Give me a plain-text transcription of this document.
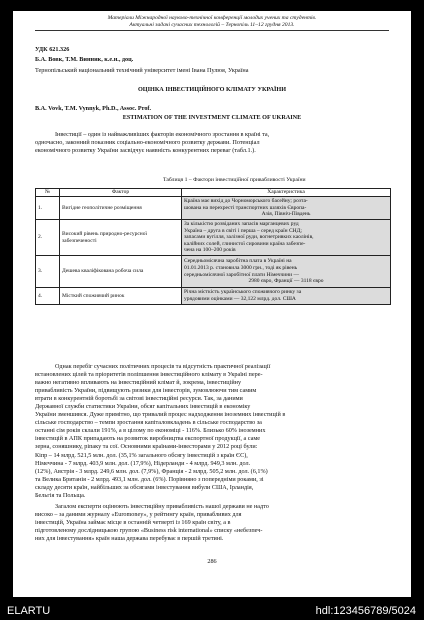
Матеріали Міжнародної науково-технічної конференції молодих учених та студентів.
Актуальні задачі сучасних технологій – Тернопіль 11–12 грудня 2013.
УДК 621.326
Б.А. Вовк, Т.М. Винник, к.е.н., доц.
Тернопільський національний технічний університет імені Івана Пулюя, Україна
ОЦІНКА ІНВЕСТИЦІЙНОГО КЛІМАТУ УКРАЇНИ
B.A. Vovk, T.M. Vynnyk, Ph.D., Assoc. Prof.
ESTIMATION OF THE INVESTMENT CLIMATE OF UKRAINE
Інвестиції – один із найважливіших факторів економічного зростання в країні та,
одночасно, законний показник соціально-економічного розвитку держави. Потенціал
економічного розвитку України засвідчує наявність конкурентних переваг (табл.1.).
Таблиця 1 – Фактори інвестиційної привабливості України
№	Фактор	Характеристика
1.	Вигідне геополітичне розміщення	Країна має вихід до Чорноморського басейну; розта-
шована на перехресті транспортних шляхів Європа-
Азія, Північ-Південь

2.	Високий рівень природно-ресурсної забезпеченості	За кількістю розвіданих запасів марганцевих руд
Україна – друга в світі і перша – серед країн СНД;
запасами вугілля, залізної руди, вогнетривких каолінів,
калійних солей, глинистої сировини країна забезпе-
чена на 100–200 років

3.	Дешева кваліфікована робоча сила	Середньомісячна заробітна плата в Україні на
01.01.2013 р. становила 3000 грн., тоді як рівень
середньомісячної заробітної плати Німеччини —
2980 євро, Франції — 3118 євро

4.	Місткий споживчий ринок	Річна місткість українського споживчого ринку за
урядовими оцінками — 32,122 млрд. дол. США
Однак перебіг сучасних політичних процесів та відсутність практичної реалізації
встановлених цілей та пріоритетів поліпшення інвестиційного клімату в Україні пере-
важно негативно впливають на інвестиційний клімат й, зокрема, інвестиційну
привабливість України, підвищують ризики для інвесторів, зумовлюючи тим самим
втрати в конкурентній боротьбі за світові інвестиційні ресурси. Так, за даними
Державної служби статистики України, обсяг капітальних інвестицій в економіку
України зменшився. Дуже примітно, що тривалий процес надходження іноземних інвестицій в
сільське господарство – темпи зростання капіталовкладень в сільське господарство за
останні сім років склали 191%, а в цілому по економіці - 116%. Близько 60% іноземних
інвестицій в АПК припадають на розвиток виробництва експортної продукції, а саме
зерна, соняшнику, ріпаку та сої. Основними країнами-інвесторами у 2012 році були:
Кіпр – 14 млрд. 521,5 млн. дол. (35,1% загального обсягу інвестицій з країн ЄС),
Німеччина - 7 млрд. 403,9 млн. дол. (17,9%), Нідерланди - 4 млрд. 949,3 млн. дол.
(12%), Австрія - 3 млрд. 249,6 млн. дол. (7,9%), Франція - 2 млрд. 505,2 млн. дол. (6,1%)
та Велика Британія - 2 млрд. 493,1 млн. дол. (6%). Порівняно з попередніми роками, зі
складу десяти країн, найбільших за обсягами інвестування вибули США, Ірландія,
Бельгія та Польща.
Загалом експерти оцінюють інвестиційну привабливість нашої держави не надто
високо – за даними журналу «Euromoney», у рейтингу країн, привабливих для
інвестицій, Україна займає місце в останній четверті із 169 країн світу, а в
підготовленому дослідницькою групою «Business risk international» списку «небезпеч-
них для інвестування» країн наша держава перебуває в першій третині.
286
ELARTU	hdl:123456789/5024
